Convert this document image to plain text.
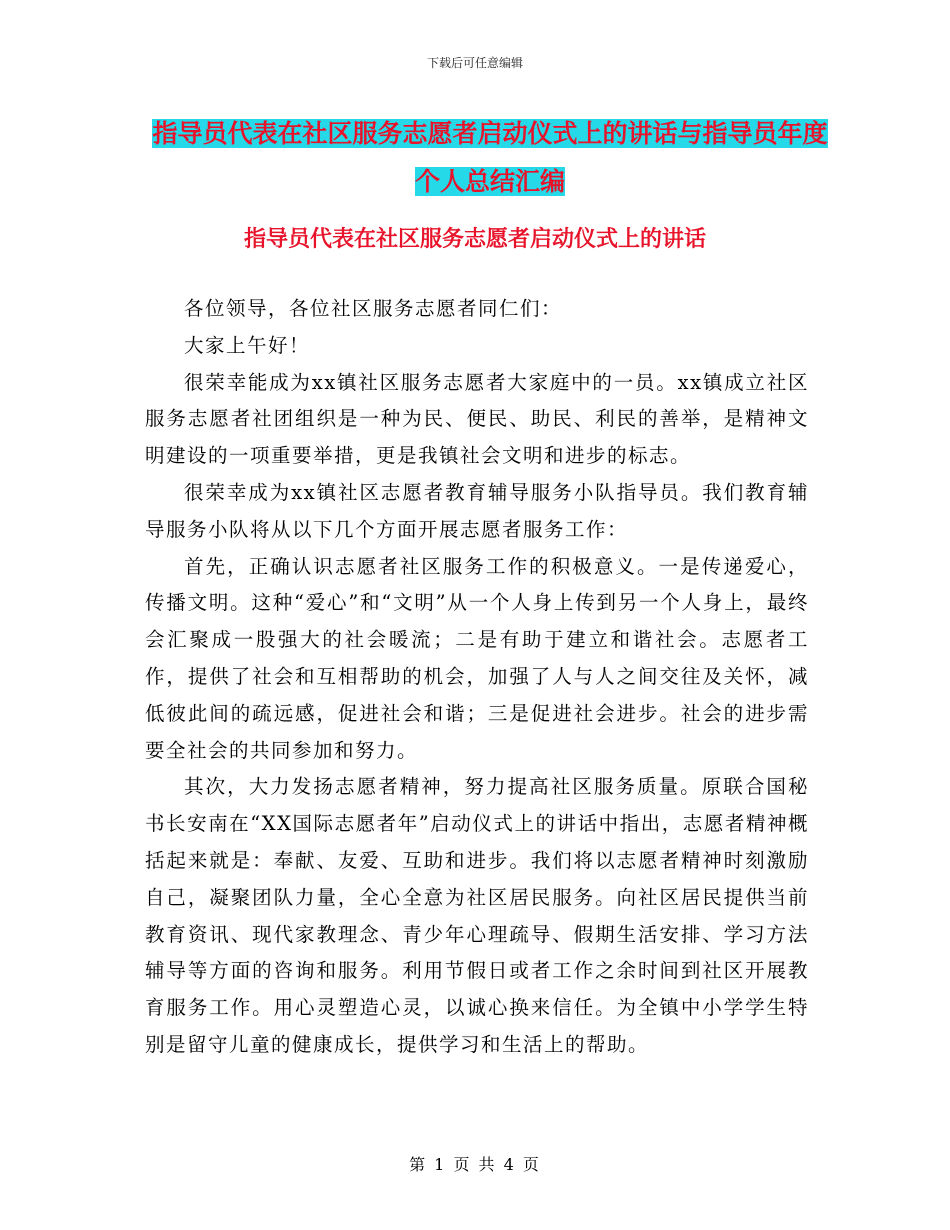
下载后可任意编辑
指导员代表在社区服务志愿者启动仪式上的讲话与指导员年度个人总结汇编
指导员代表在社区服务志愿者启动仪式上的讲话

各位领导，各位社区服务志愿者同仁们：

大家上午好！

很荣幸能成为xx镇社区服务志愿者大家庭中的一员。xx镇成立社区服务志愿者社团组织是一种为民、便民、助民、利民的善举，是精神文明建设的一项重要举措，更是我镇社会文明和进步的标志。

很荣幸成为xx镇社区志愿者教育辅导服务小队指导员。我们教育辅导服务小队将从以下几个方面开展志愿者服务工作：

首先，正确认识志愿者社区服务工作的积极意义。一是传递爱心，传播文明。这种“爱心”和“文明”从一个人身上传到另一个人身上，最终会汇聚成一股强大的社会暖流；二是有助于建立和谐社会。志愿者工作，提供了社会和互相帮助的机会，加强了人与人之间交往及关怀，减低彼此间的疏远感，促进社会和谐；三是促进社会进步。社会的进步需要全社会的共同参加和努力。

其次，大力发扬志愿者精神，努力提高社区服务质量。原联合国秘书长安南在“XX国际志愿者年”启动仪式上的讲话中指出，志愿者精神概括起来就是：奉献、友爱、互助和进步。我们将以志愿者精神时刻激励自己，凝聚团队力量，全心全意为社区居民服务。向社区居民提供当前教育资讯、现代家教理念、青少年心理疏导、假期生活安排、学习方法辅导等方面的咨询和服务。利用节假日或者工作之余时间到社区开展教育服务工作。用心灵塑造心灵，以诚心换来信任。为全镇中小学学生特别是留守儿童的健康成长，提供学习和生活上的帮助。

第 1 页 共 4 页
